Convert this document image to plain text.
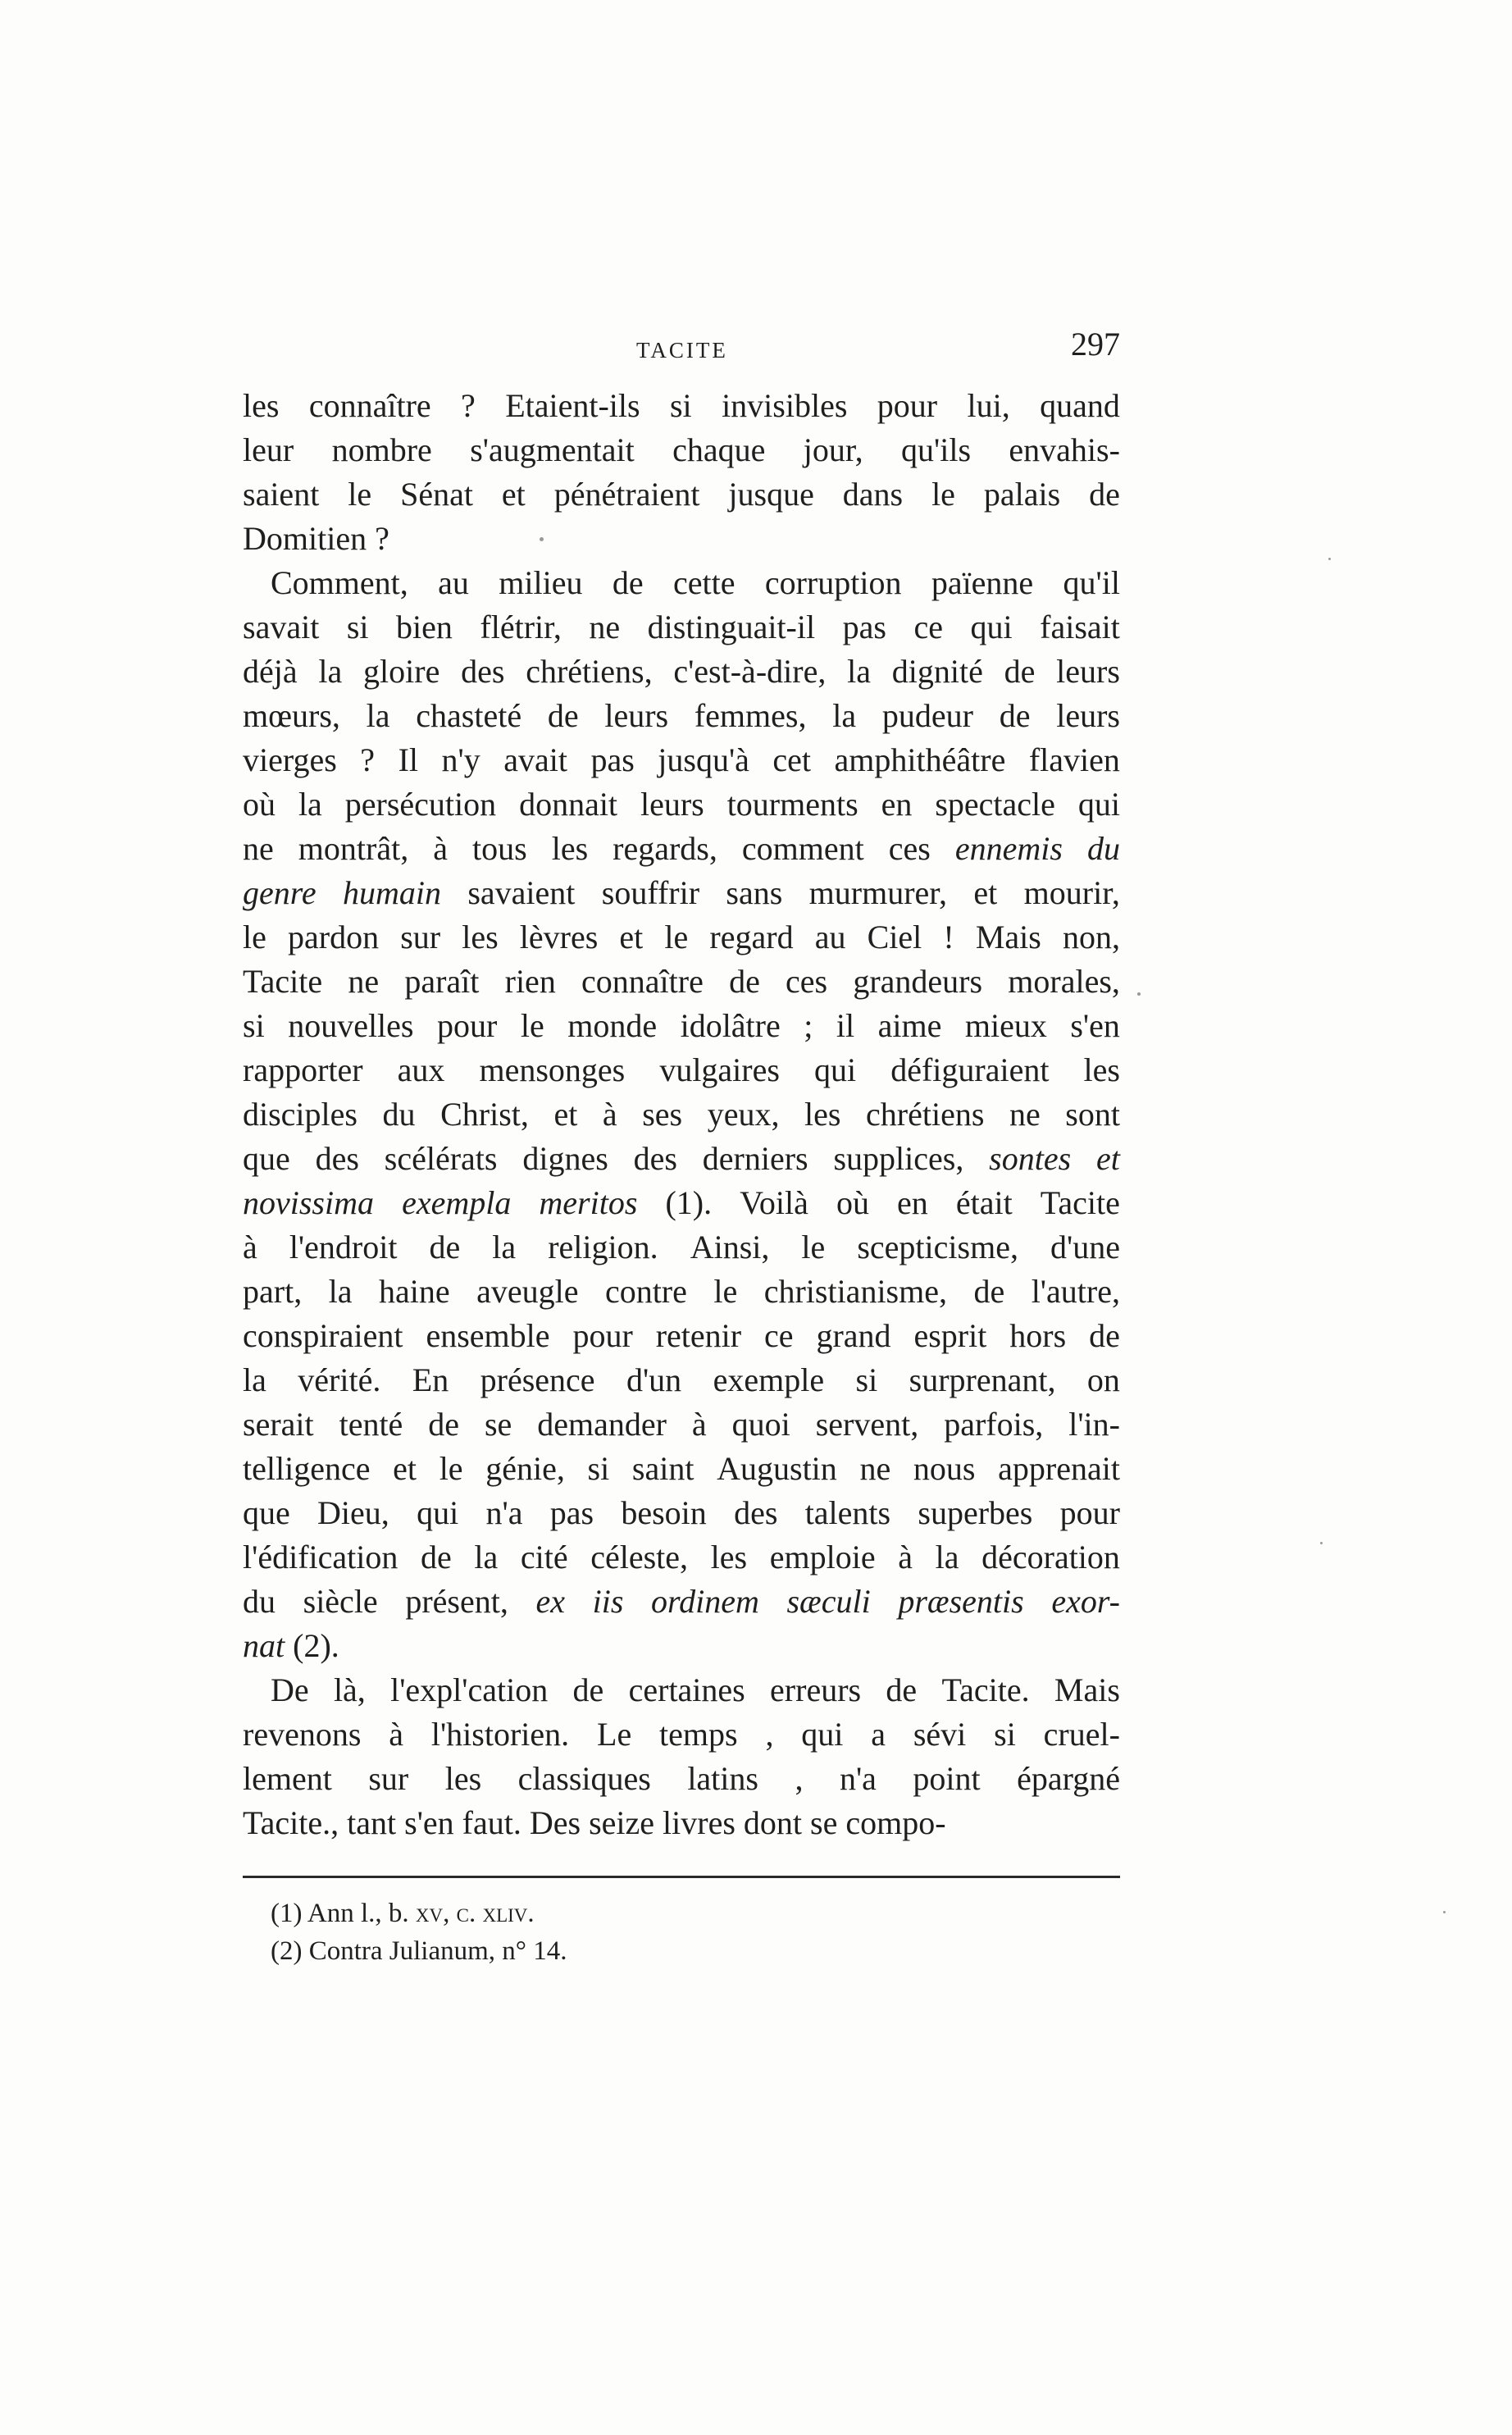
TACITE	297
les connaître ? Etaient-ils si invisibles pour lui, quand
leur nombre s'augmentait chaque jour, qu'ils envahis-
saient le Sénat et pénétraient jusque dans le palais de
Domitien
?
Comment, au milieu de cette corruption païenne qu'il
savait si bien flétrir, ne distinguait-il pas ce qui faisait
déjà la gloire des chrétiens, c'est-à-dire, la dignité de leurs
mœurs, la chasteté de leurs femmes, la pudeur de leurs
vierges ? Il n'y avait pas jusqu'à cet amphithéâtre flavien
où la persécution donnait leurs tourments en spectacle qui
ne montrât, à tous les regards, comment ces ennemis du
genre humain savaient souffrir sans murmurer, et mourir,
le pardon sur les lèvres et le regard au Ciel ! Mais non,
Tacite ne paraît rien connaître de ces grandeurs morales,
si nouvelles pour le monde idolâtre ; il aime mieux s'en
rapporter aux mensonges vulgaires qui défiguraient les
disciples du Christ, et à ses yeux, les chrétiens ne sont
que des scélérats dignes des derniers supplices, sontes et
novissima exempla meritos (1). Voilà où en était Tacite
à l'endroit de la religion. Ainsi, le scepticisme, d'une
part, la haine aveugle contre le christianisme, de l'autre,
conspiraient ensemble pour retenir ce grand esprit hors de
la vérité. En présence d'un exemple si surprenant, on
serait tenté de se demander à quoi servent, parfois, l'in-
telligence et le génie, si saint Augustin ne nous apprenait
que Dieu, qui n'a pas besoin des talents superbes pour
l'édification de la cité céleste, les emploie à la décoration
du siècle présent, ex iis ordinem sæculi præsentis exor-
nat
(2).
De là, l'expl'cation de certaines erreurs de Tacite. Mais
revenons à l'historien. Le temps , qui a sévi si cruel-
lement sur les classiques latins , n'a point épargné
Tacite.,
tant
s'en
faut.
Des
seize
livres
dont
se
compo-
(1) Ann l., b. xv, c. xliv.
(2) Contra Julianum, n° 14.
